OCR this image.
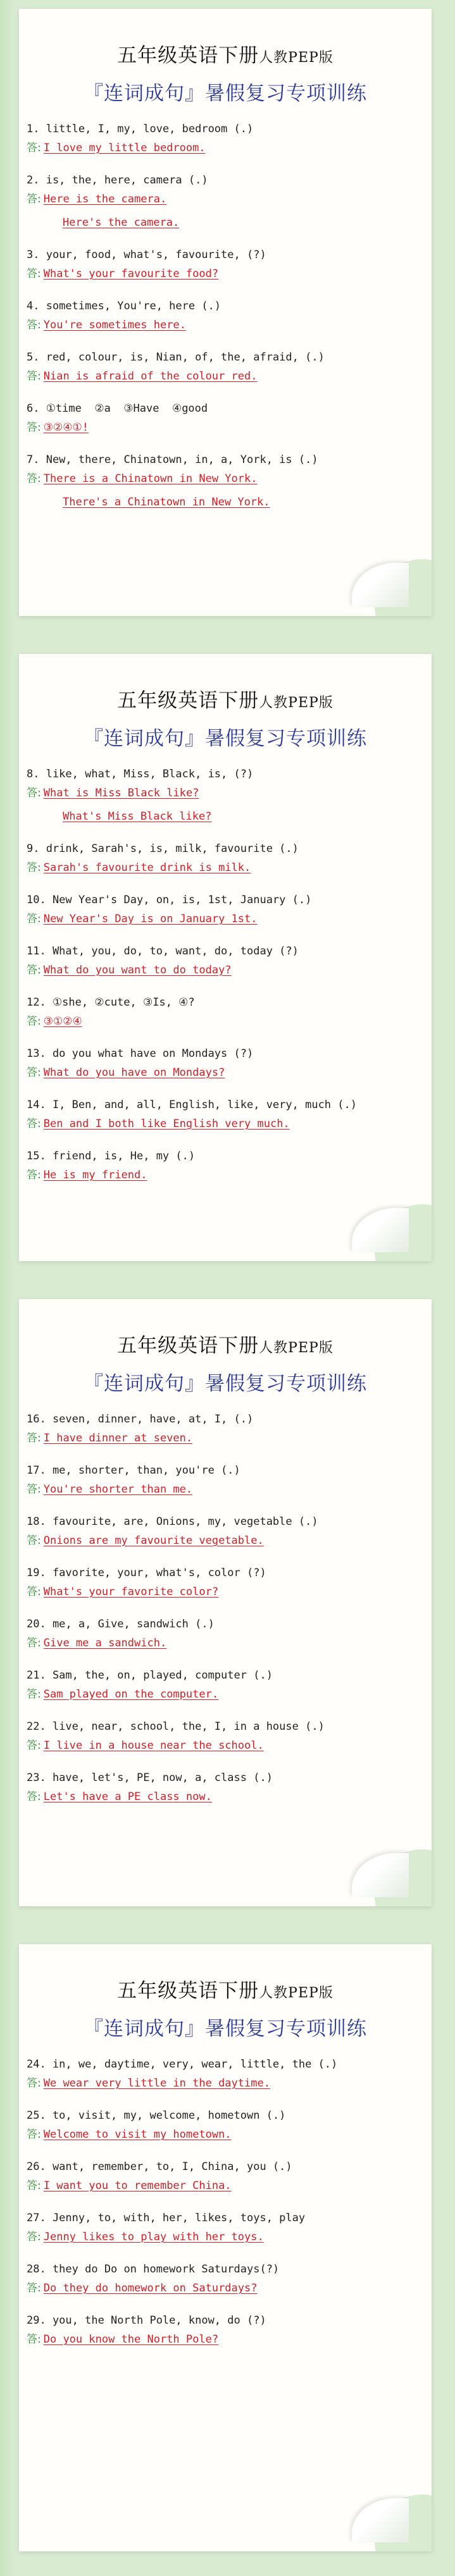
五年级英语下册人教PEP版
『连词成句』暑假复习专项训练
1. little, I, my, love, bedroom (.)
答: I love my little bedroom.
2. is, the, here, camera (.)
答: Here is the camera.
Here's the camera.
3. your, food, what's, favourite, (?)
答: What's your favourite food?
4. sometimes, You're, here (.)
答: You're sometimes here.
5. red, colour, is, Nian, of, the, afraid, (.)
答: Nian is afraid of the colour red.
6. ①time  ②a  ③Have  ④good
答: ③②④①!
7. New, there, Chinatown, in, a, York, is (.)
答: There is a Chinatown in New York.
There's a Chinatown in New York.
五年级英语下册人教PEP版
『连词成句』暑假复习专项训练
8. like, what, Miss, Black, is, (?)
答: What is Miss Black like?
What's Miss Black like?
9. drink, Sarah's, is, milk, favourite (.)
答: Sarah's favourite drink is milk.
10. New Year's Day, on, is, 1st, January (.)
答: New Year's Day is on January 1st.
11. What, you, do, to, want, do, today (?)
答: What do you want to do today?
12. ①she, ②cute, ③Is, ④?
答: ③①②④
13. do you what have on Mondays (?)
答: What do you have on Mondays?
14. I, Ben, and, all, English, like, very, much (.)
答: Ben and I both like English very much.
15. friend, is, He, my (.)
答: He is my friend.
五年级英语下册人教PEP版
『连词成句』暑假复习专项训练
16. seven, dinner, have, at, I, (.)
答: I have dinner at seven.
17. me, shorter, than, you're (.)
答: You're shorter than me.
18. favourite, are, Onions, my, vegetable (.)
答: Onions are my favourite vegetable.
19. favorite, your, what's, color (?)
答: What's your favorite color?
20. me, a, Give, sandwich (.)
答: Give me a sandwich.
21. Sam, the, on, played, computer (.)
答: Sam played on the computer.
22. live, near, school, the, I, in a house (.)
答: I live in a house near the school.
23. have, let's, PE, now, a, class (.)
答: Let's have a PE class now.
五年级英语下册人教PEP版
『连词成句』暑假复习专项训练
24. in, we, daytime, very, wear, little, the (.)
答: We wear very little in the daytime.
25. to, visit, my, welcome, hometown (.)
答: Welcome to visit my hometown.
26. want, remember, to, I, China, you (.)
答: I want you to remember China.
27. Jenny, to, with, her, likes, toys, play
答: Jenny likes to play with her toys.
28. they do Do on homework Saturdays(?)
答: Do they do homework on Saturdays?
29. you, the North Pole, know, do (?)
答: Do you know the North Pole?
